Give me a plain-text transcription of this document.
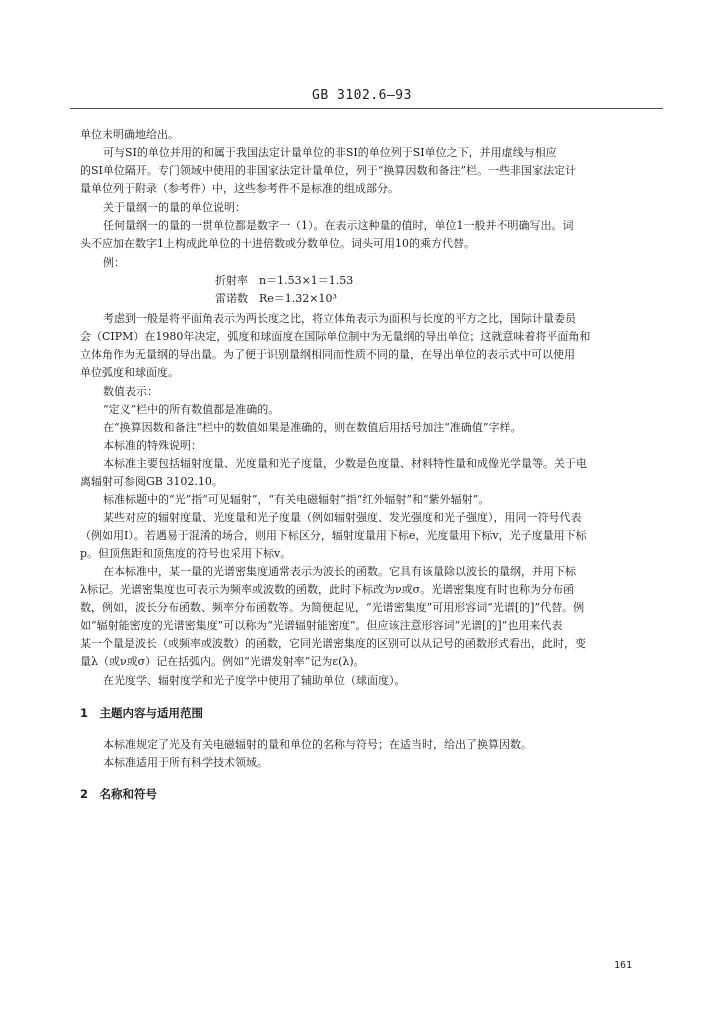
GB 3102.6—93
单位未明确地给出。
可与SI的单位并用的和属于我国法定计量单位的非SI的单位列于SI单位之下，并用虚线与相应
的SI单位隔开。专门领域中使用的非国家法定计量单位，列于“换算因数和备注”栏。一些非国家法定计
量单位列于附录（参考件）中，这些参考件不是标准的组成部分。
关于量纲一的量的单位说明：
任何量纲一的量的一贯单位都是数字一（1）。在表示这种量的值时，单位1一般并不明确写出。词
头不应加在数字1上构成此单位的十进倍数或分数单位。词头可用10的乘方代替。
例：
折射率　n＝1.53×1＝1.53
雷诺数　Re＝1.32×10³
考虑到一般是将平面角表示为两长度之比，将立体角表示为面积与长度的平方之比，国际计量委员
会（CIPM）在1980年决定，弧度和球面度在国际单位制中为无量纲的导出单位；这就意味着将平面角和
立体角作为无量纲的导出量。为了便于识别量纲相同而性质不同的量，在导出单位的表示式中可以使用
单位弧度和球面度。
数值表示：
“定义”栏中的所有数值都是准确的。
在“换算因数和备注”栏中的数值如果是准确的，则在数值后用括号加注“准确值”字样。
本标准的特殊说明：
本标准主要包括辐射度量、光度量和光子度量，少数是色度量、材料特性量和成像光学量等。关于电
离辐射可参阅GB 3102.10。
标准标题中的“光”指“可见辐射”，“有关电磁辐射”指“红外辐射”和“紫外辐射”。
某些对应的辐射度量、光度量和光子度量（例如辐射强度、发光强度和光子强度），用同一符号代表
（例如用I）。若遇易于混淆的场合，则用下标区分，辐射度量用下标e，光度量用下标v，光子度量用下标
p。但顶焦距和顶焦度的符号也采用下标v。
在本标准中，某一量的光谱密集度通常表示为波长的函数。它具有该量除以波长的量纲，并用下标
λ标记。光谱密集度也可表示为频率或波数的函数，此时下标改为ν或σ。光谱密集度有时也称为分布函
数，例如，波长分布函数、频率分布函数等。为简便起见，“光谱密集度”可用形容词“光谱[的]”代替。例
如“辐射能密度的光谱密集度”可以称为“光谱辐射能密度”。但应该注意形容词“光谱[的]”也用来代表
某一个量是波长（或频率或波数）的函数，它同光谱密集度的区别可以从记号的函数形式看出，此时，变
量λ（或ν或σ）记在括弧内。例如“光谱发射率”记为ε(λ)。
在光度学、辐射度学和光子度学中使用了辅助单位（球面度）。
1　主题内容与适用范围
本标准规定了光及有关电磁辐射的量和单位的名称与符号；在适当时，给出了换算因数。
本标准适用于所有科学技术领域。
2　名称和符号
161
